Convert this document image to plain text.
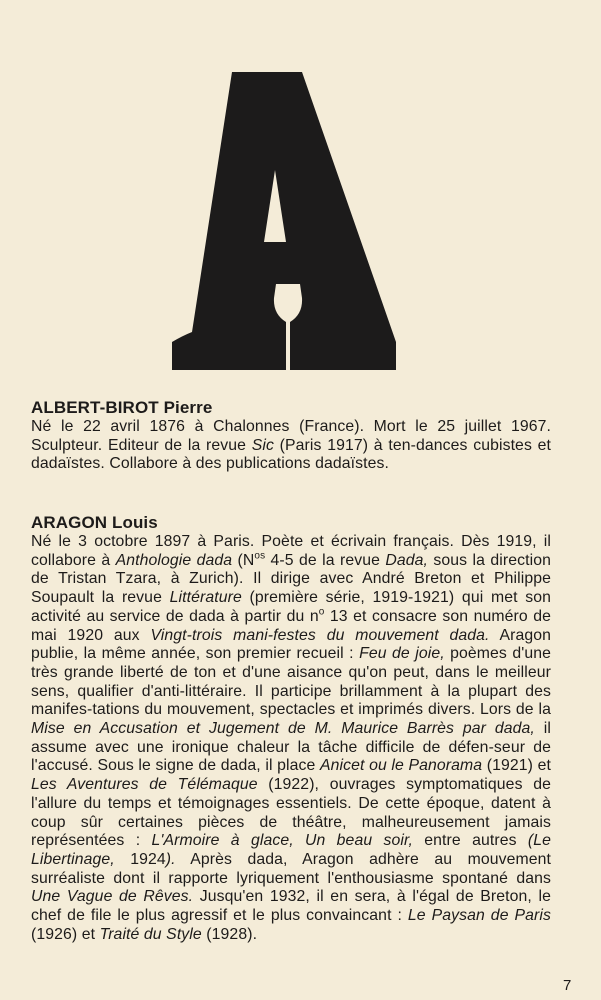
ALBERT-BIROT Pierre

Né le 22 avril 1876 à Chalonnes (France). Mort le 25 juillet 1967. Sculpteur. Editeur de la revue Sic (Paris 1917) à ten-dances cubistes et dadaïstes. Collabore à des publications dadaïstes.

ARAGON Louis

Né le 3 octobre 1897 à Paris. Poète et écrivain français. Dès 1919, il collabore à Anthologie dada ($N^{os}$ 4-5 de la revue Dada, sous la direction de Tristan Tzara, à Zurich). Il dirige avec André Breton et Philippe Soupault la revue Littérature (première série, 1919-1921) qui met son activité au service de dada à partir du $n^o$ 13 et consacre son numéro de mai 1920 aux Vingt-trois mani-festes du mouvement dada. Aragon publie, la même année, son premier recueil : Feu de joie, poèmes d'une très grande liberté de ton et d'une aisance qu'on peut, dans le meilleur sens, qualifier d'anti-littéraire. Il participe brillamment à la plupart des manifes-tations du mouvement, spectacles et imprimés divers. Lors de la Mise en Accusation et Jugement de M. Maurice Barrès par dada, il assume avec une ironique chaleur la tâche difficile de défen-seur de l'accusé. Sous le signe de dada, il place Anicet ou le Panorama (1921) et Les Aventures de Télémaque (1922), ouvrages symptomatiques de l'allure du temps et témoignages essentiels. De cette époque, datent à coup sûr certaines pièces de théâtre, malheureusement jamais représentées : L'Armoire à glace, Un beau soir, entre autres (Le Libertinage, 1924). Après dada, Aragon adhère au mouvement surréaliste dont il rapporte lyriquement l'enthousiasme spontané dans Une Vague de Rêves. Jusqu'en 1932, il en sera, à l'égal de Breton, le chef de file le plus agressif et le plus convaincant : Le Paysan de Paris (1926) et Traité du Style (1928).

7
